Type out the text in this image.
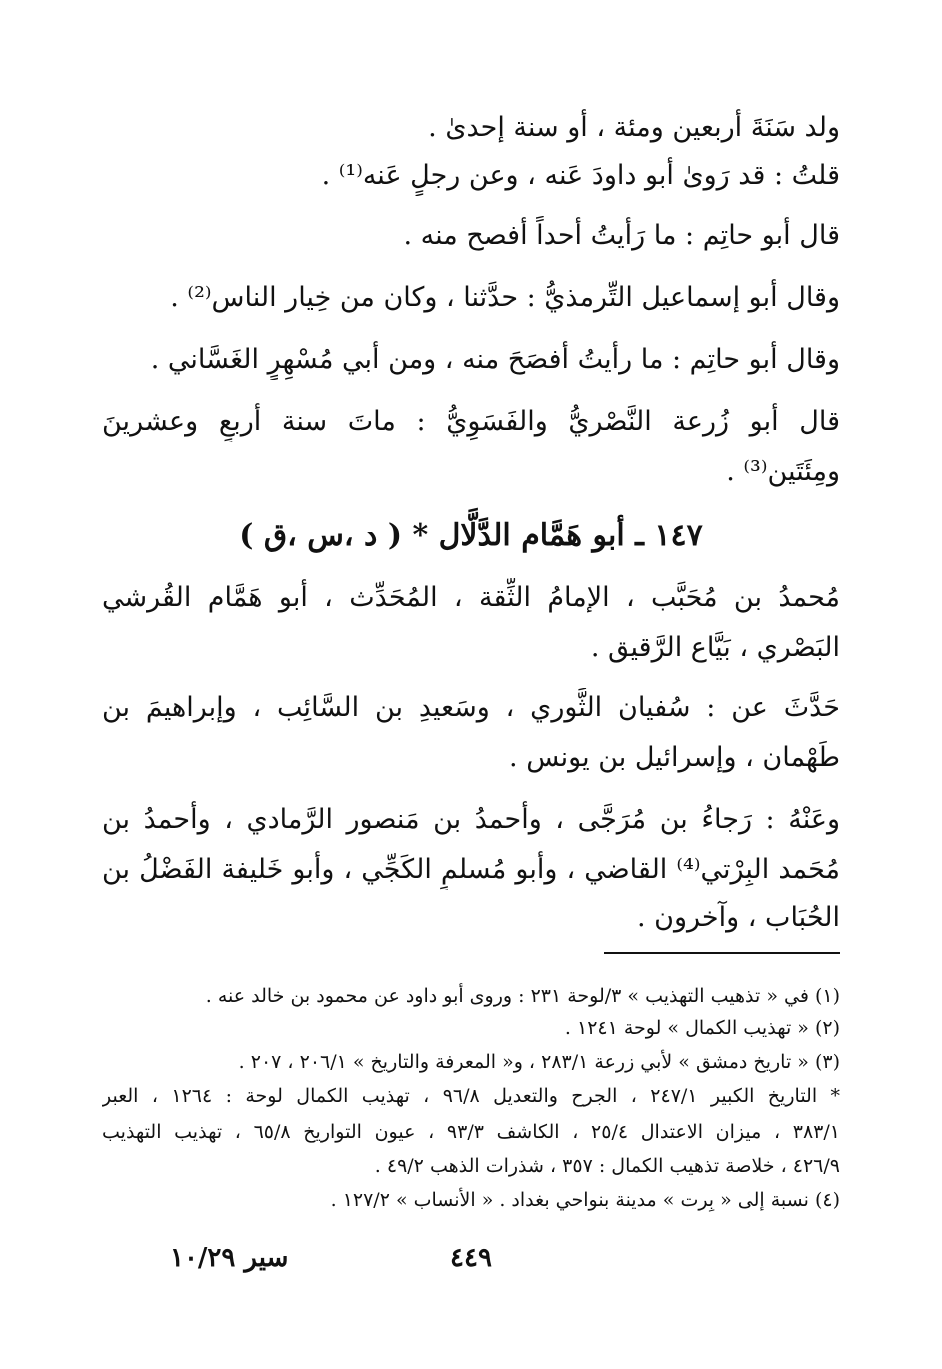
ولد سَنَةَ أربعين ومئة ، أو سنة إحدىٰ .
قلتُ : قد رَوىٰ أبو داودَ عَنه ، وعن رجلٍ عَنه⁽¹⁾ .
قال أبو حاتِم : ما رَأيتُ أحداً أفصح منه .
وقال أبو إسماعيل التِّرمذيُّ : حدَّثنا ، وكان من خِيار الناس⁽²⁾ .
وقال أبو حاتِم : ما رأيتُ أفصَحَ منه ، ومن أبي مُسْهِرٍ الغَسَّاني .
قال أبو زُرعة النَّصْريُّ والفَسَوِيُّ : ماتَ سنة أربعٍ وعشرينَ
ومِئَتَين⁽³⁾ .
١٤٧ ـ أبو هَمَّام الدَّلَّال * ( د ،س ،ق )
مُحمدُ بن مُحَبَّب ، الإمامُ الثِّقة ، المُحَدِّث ، أبو هَمَّام القُرشي
البَصْري ، بَيَّاع الرَّقيق .
حَدَّثَ عن : سُفيان الثَّوري ، وسَعيدِ بن السَّائِب ، وإبراهيمَ بن
طَهْمان ، وإسرائيل بن يونس .
وعَنْهُ : رَجاءُ بن مُرَجَّى ، وأحمدُ بن مَنصور الرَّمادي ، وأحمدُ بن
مُحَمد البِرْتي⁽⁴⁾ القاضي ، وأبو مُسلمٍ الكَجِّي ، وأبو خَليفة الفَضْلُ بن
الحُبَاب ، وآخرون .
(١) في « تذهيب التهذيب » ٣/لوحة ٢٣١ : وروى أبو داود عن محمود بن خالد عنه .
(٢) « تهذيب الكمال » لوحة ١٢٤١ .
(٣) « تاريخ دمشق » لأبي زرعة ٢٨٣/١ ، و« المعرفة والتاريخ » ٢٠٦/١ ، ٢٠٧ .
* التاريخ الكبير ٢٤٧/١ ، الجرح والتعديل ٩٦/٨ ، تهذيب الكمال لوحة : ١٢٦٤ ، العبر
٣٨٣/١ ، ميزان الاعتدال ٢٥/٤ ، الكاشف ٩٣/٣ ، عيون التواريخ ٦٥/٨ ، تهذيب التهذيب
٤٢٦/٩ ، خلاصة تذهيب الكمال : ٣٥٧ ، شذرات الذهب ٤٩/٢ .
(٤) نسبة إلى « بِرت » مدينة بنواحي بغداد . « الأنساب » ١٢٧/٢ .
٤٤٩
سير ١٠/٢٩
